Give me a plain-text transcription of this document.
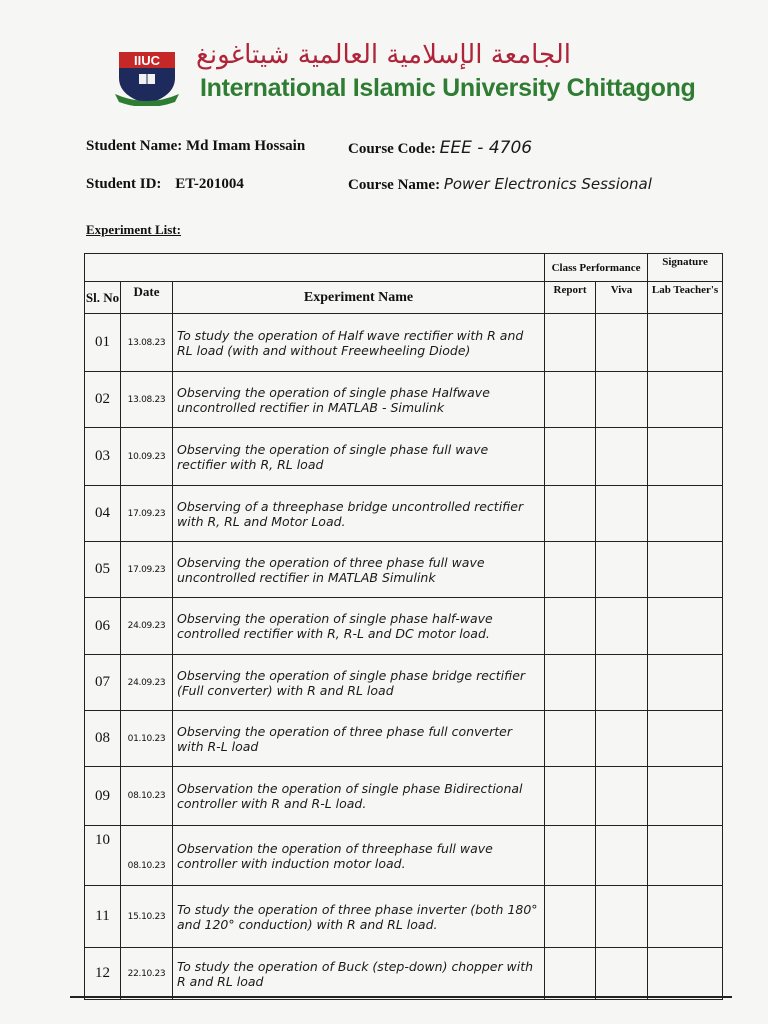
IIUC الجامعة الإسلامية العالمية شيتاغونغ
International Islamic University Chittagong
Student Name: Md Imam Hossain	Course Code: EEE - 4706
Student ID: ET-201004	Course Name: Power Electronics Sessional
Experiment List:
			Class Performance		Signature
Sl. No	Date	Experiment Name	Report	Viva	Lab Teacher's
01	13.08.23	To study the operation of Half wave rectifier with R and RL load (with and without Freewheeling Diode)			
02	13.08.23	Observing the operation of single phase Halfwave uncontrolled rectifier in MATLAB - Simulink			
03	10.09.23	Observing the operation of single phase full wave rectifier with R, RL load			
04	17.09.23	Observing of a threephase bridge uncontrolled rectifier with R, RL and Motor Load.			
05	17.09.23	Observing the operation of three phase full wave uncontrolled rectifier in MATLAB Simulink			
06	24.09.23	Observing the operation of single phase half-wave controlled rectifier with R, R-L and DC motor load.			
07	24.09.23	Observing the operation of single phase bridge rectifier (Full converter) with R and RL load			
08	01.10.23	Observing the operation of three phase full converter with R-L load			
09	08.10.23	Observation the operation of single phase Bidirectional controller with R and R-L load.			
10	08.10.23	Observation the operation of threephase full wave controller with induction motor load.			
11	15.10.23	To study the operation of three phase inverter (both 180° and 120° conduction) with R and RL load.			
12	22.10.23	To study the operation of Buck (step-down) chopper with R and RL load			
